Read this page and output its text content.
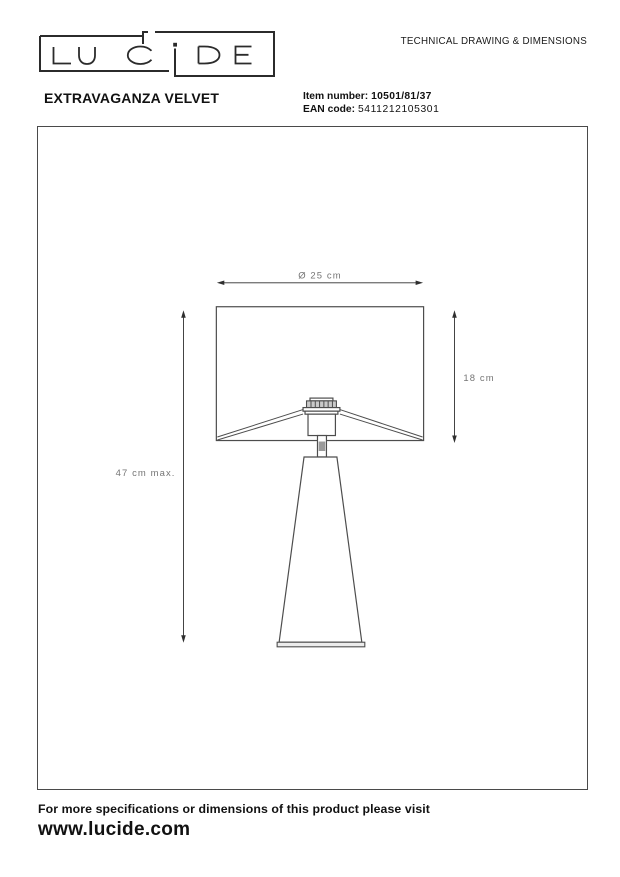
TECHNICAL DRAWING & DIMENSIONS
EXTRAVAGANZA VELVET	Item number: 10501/81/37
EAN code: 5411212105301
Ø 25 cm
47 cm max.
18 cm
For more specifications or dimensions of this product please visit
www.lucide.com
